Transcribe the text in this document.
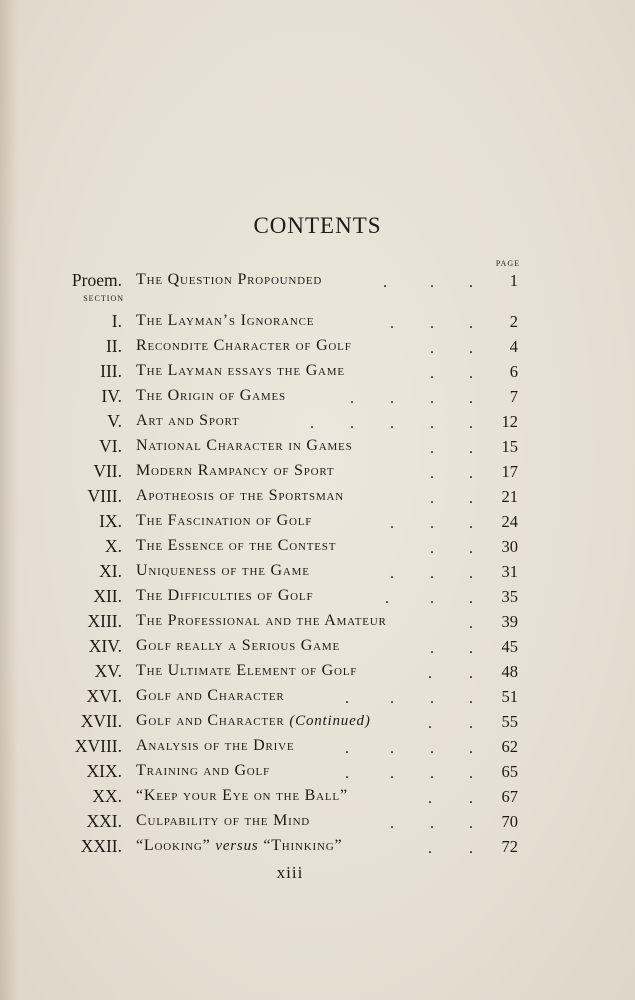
CONTENTS
PAGE
SECTION
Proem. The Question Propounded	.	. .	1
I. The Layman’s Ignorance	. . .	2
II. Recondite Character of Golf	. .	4
III. The Layman essays the Game	. .	6
IV. The Origin of Games	. . . .	7
V. Art and Sport	. . . . .	12
VI. National Character in Games	. .	15
VII. Modern Rampancy of Sport	. .	17
VIII. Apotheosis of the Sportsman	. .	21
IX. The Fascination of Golf	. . .	24
X. The Essence of the Contest	. .	30
XI. Uniqueness of the Game	. . .	31
XII. The Difficulties of Golf	.	. .	35
XIII. The Professional and the Amateur	.	39
XIV. Golf really a Serious Game	. .	45
XV. The Ultimate Element of Golf	. .	48
XVI. Golf and Character	.	. . .	51
XVII. Golf and Character (Continued)	. .	55
XVIII. Analysis of the Drive	.	. . .	62
XIX. Training and Golf	.	. . .	65
XX. “Keep your Eye on the Ball”	. .	67
XXI. Culpability of the Mind	. . .	70
XXII. “Looking” versus “Thinking”	. .	72
xiii
